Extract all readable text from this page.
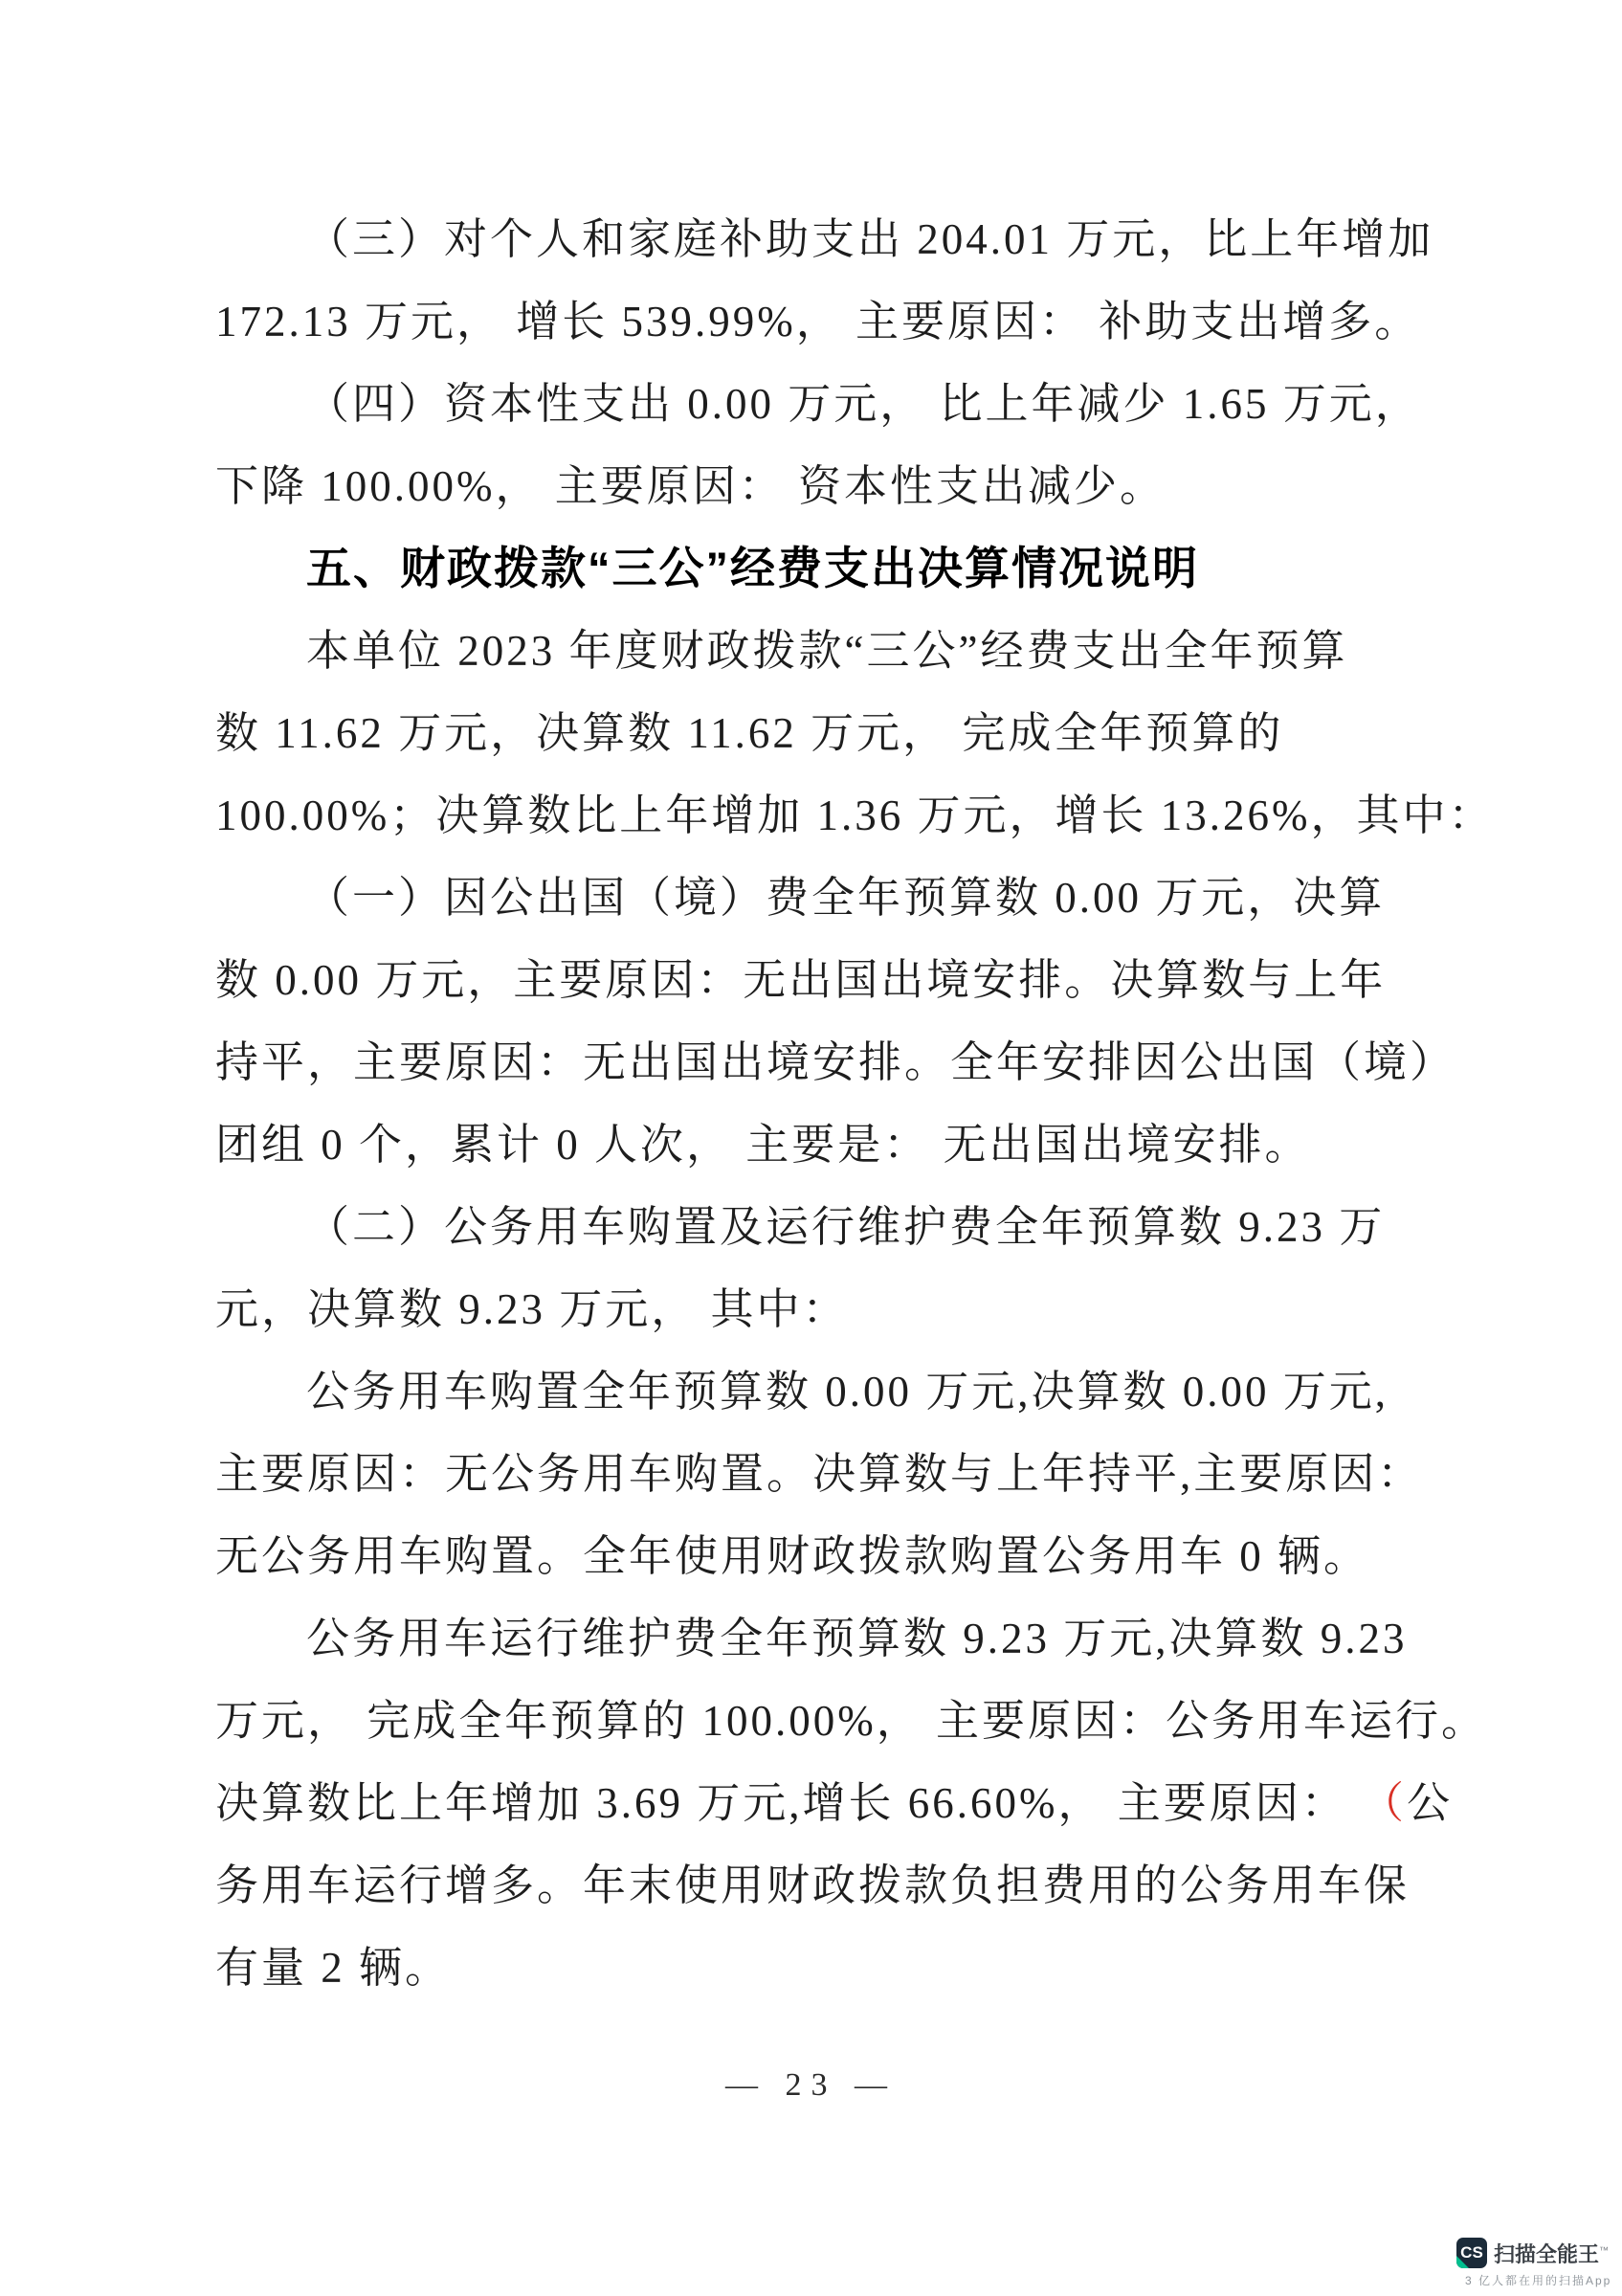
（三）对个人和家庭补助支出 204.01 万元，比上年增加
172.13 万元， 增长 539.99%， 主要原因： 补助支出增多。
（四）资本性支出 0.00 万元， 比上年减少 1.65 万元，
下降 100.00%， 主要原因： 资本性支出减少。
五、财政拨款“三公”经费支出决算情况说明
本单位 2023 年度财政拨款“三公”经费支出全年预算
数 11.62 万元，决算数 11.62 万元， 完成全年预算的
100.00%；决算数比上年增加 1.36 万元，增长 13.26%，其中：
（一）因公出国（境）费全年预算数 0.00 万元，决算
数 0.00 万元，主要原因：无出国出境安排。决算数与上年
持平，主要原因：无出国出境安排。全年安排因公出国（境）
团组 0 个，累计 0 人次， 主要是： 无出国出境安排。
（二）公务用车购置及运行维护费全年预算数 9.23 万
元，决算数 9.23 万元， 其中：
公务用车购置全年预算数 0.00 万元,决算数 0.00 万元,
主要原因：无公务用车购置。决算数与上年持平,主要原因：
无公务用车购置。全年使用财政拨款购置公务用车 0 辆。
公务用车运行维护费全年预算数 9.23 万元,决算数 9.23
万元， 完成全年预算的 100.00%， 主要原因：公务用车运行。
决算数比上年增加 3.69 万元,增长 66.60%， 主要原因： （公
务用车运行增多。年末使用财政拨款负担费用的公务用车保
有量 2 辆。
— 23 —
CS 扫描全能王™
3 亿人都在用的扫描App
